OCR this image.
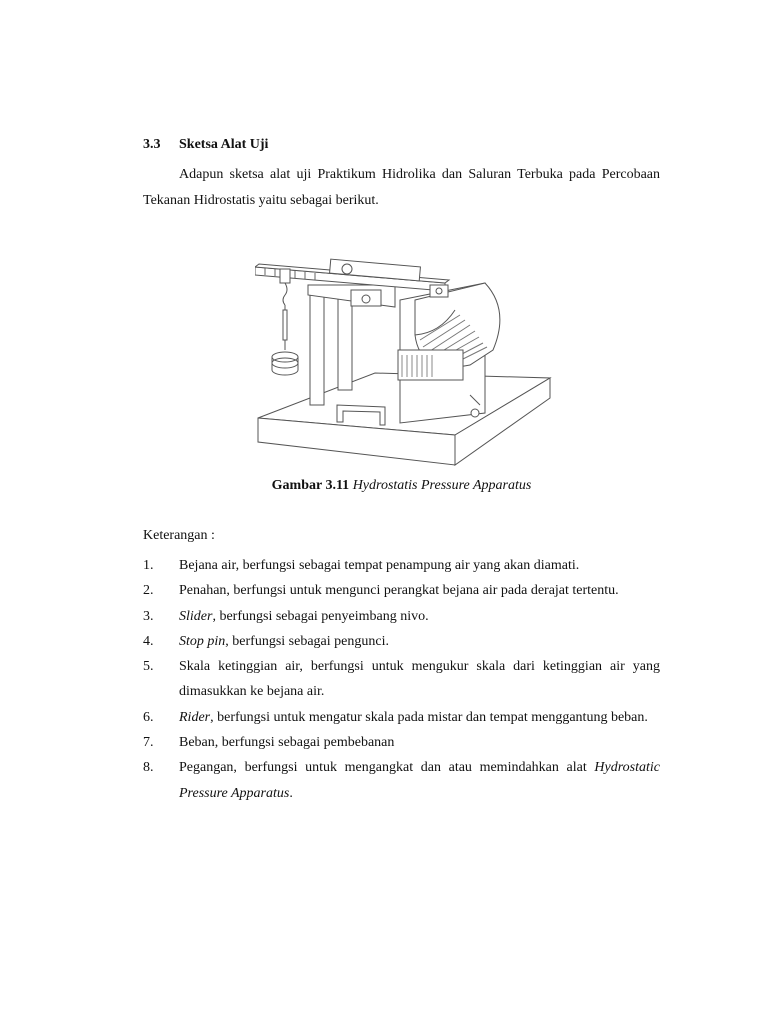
3.3 Sketsa Alat Uji
Adapun sketsa alat uji Praktikum Hidrolika dan Saluran Terbuka pada Percobaan Tekanan Hidrostatis yaitu sebagai berikut.
Gambar 3.11 Hydrostatis Pressure Apparatus
Keterangan :
1. Bejana air, berfungsi sebagai tempat penampung air yang akan diamati.
2. Penahan, berfungsi untuk mengunci perangkat bejana air pada derajat tertentu.
3. Slider, berfungsi sebagai penyeimbang nivo.
4. Stop pin, berfungsi sebagai pengunci.
5. Skala ketinggian air, berfungsi untuk mengukur skala dari ketinggian air yang dimasukkan ke bejana air.
6. Rider, berfungsi untuk mengatur skala pada mistar dan tempat menggantung beban.
7. Beban, berfungsi sebagai pembebanan
8. Pegangan, berfungsi untuk mengangkat dan atau memindahkan alat Hydrostatic Pressure Apparatus.
